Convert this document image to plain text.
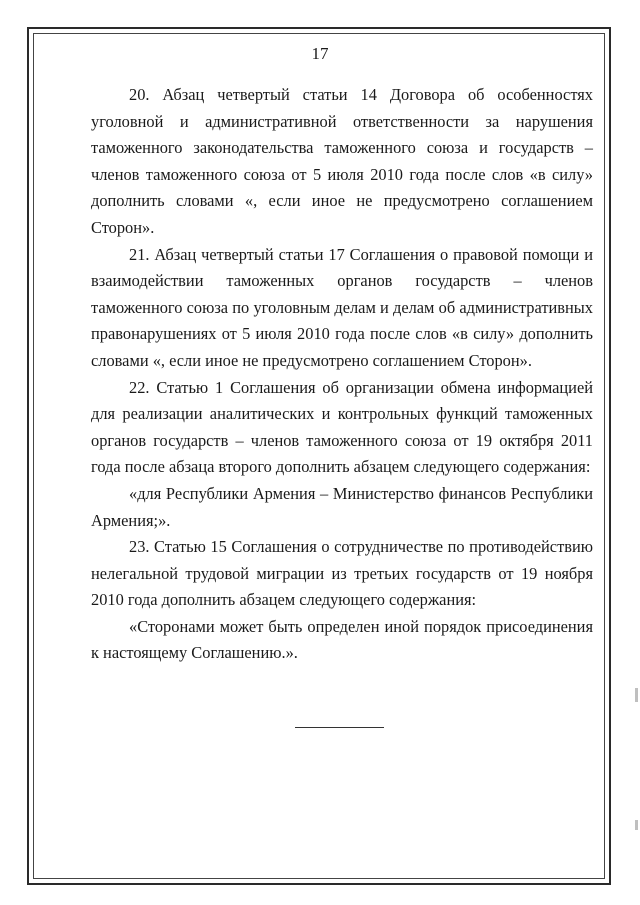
17

20. Абзац четвертый статьи 14 Договора об особенностях уголовной и административной ответственности за нарушения таможенного законодательства таможенного союза и государств – членов таможенного союза от 5 июля 2010 года после слов «в силу» дополнить словами «, если иное не предусмотрено соглашением Сторон».

21. Абзац четвертый статьи 17 Соглашения о правовой помощи и взаимодействии таможенных органов государств – членов таможенного союза по уголовным делам и делам об административных правонарушениях от 5 июля 2010 года после слов «в силу» дополнить словами «, если иное не предусмотрено соглашением Сторон».

22. Статью 1 Соглашения об организации обмена информацией для реализации аналитических и контрольных функций таможенных органов государств – членов таможенного союза от 19 октября 2011 года после абзаца второго дополнить абзацем следующего содержания:

«для Республики Армения – Министерство финансов Республики Армения;».

23. Статью 15 Соглашения о сотрудничестве по противодействию нелегальной трудовой миграции из третьих государств от 19 ноября 2010 года дополнить абзацем следующего содержания:

«Сторонами может быть определен иной порядок присоединения к настоящему Соглашению.».
